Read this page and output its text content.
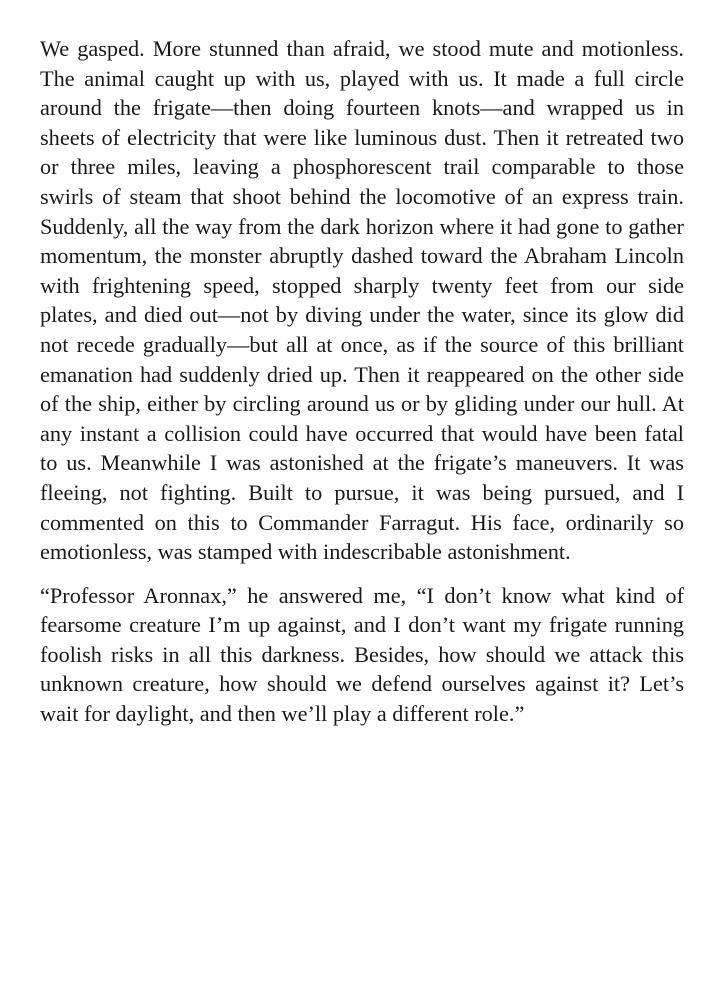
We gasped. More stunned than afraid, we stood mute and motionless. The animal caught up with us, played with us. It made a full circle around the frigate—then doing fourteen knots—and wrapped us in sheets of electricity that were like luminous dust. Then it retreated two or three miles, leaving a phosphorescent trail comparable to those swirls of steam that shoot behind the locomotive of an express train. Suddenly, all the way from the dark horizon where it had gone to gather momentum, the monster abruptly dashed toward the Abraham Lincoln with frightening speed, stopped sharply twenty feet from our side plates, and died out—not by diving under the water, since its glow did not recede gradually—but all at once, as if the source of this brilliant emanation had suddenly dried up. Then it reappeared on the other side of the ship, either by circling around us or by gliding under our hull. At any instant a collision could have occurred that would have been fatal to us. Meanwhile I was astonished at the frigate’s maneuvers. It was fleeing, not fighting. Built to pursue, it was being pursued, and I commented on this to Commander Farragut. His face, ordinarily so emotionless, was stamped with indescribable astonishment.

“Professor Aronnax,” he answered me, “I don’t know what kind of fearsome creature I’m up against, and I don’t want my frigate running foolish risks in all this darkness. Besides, how should we attack this unknown creature, how should we defend ourselves against it? Let’s wait for daylight, and then we’ll play a different role.”
